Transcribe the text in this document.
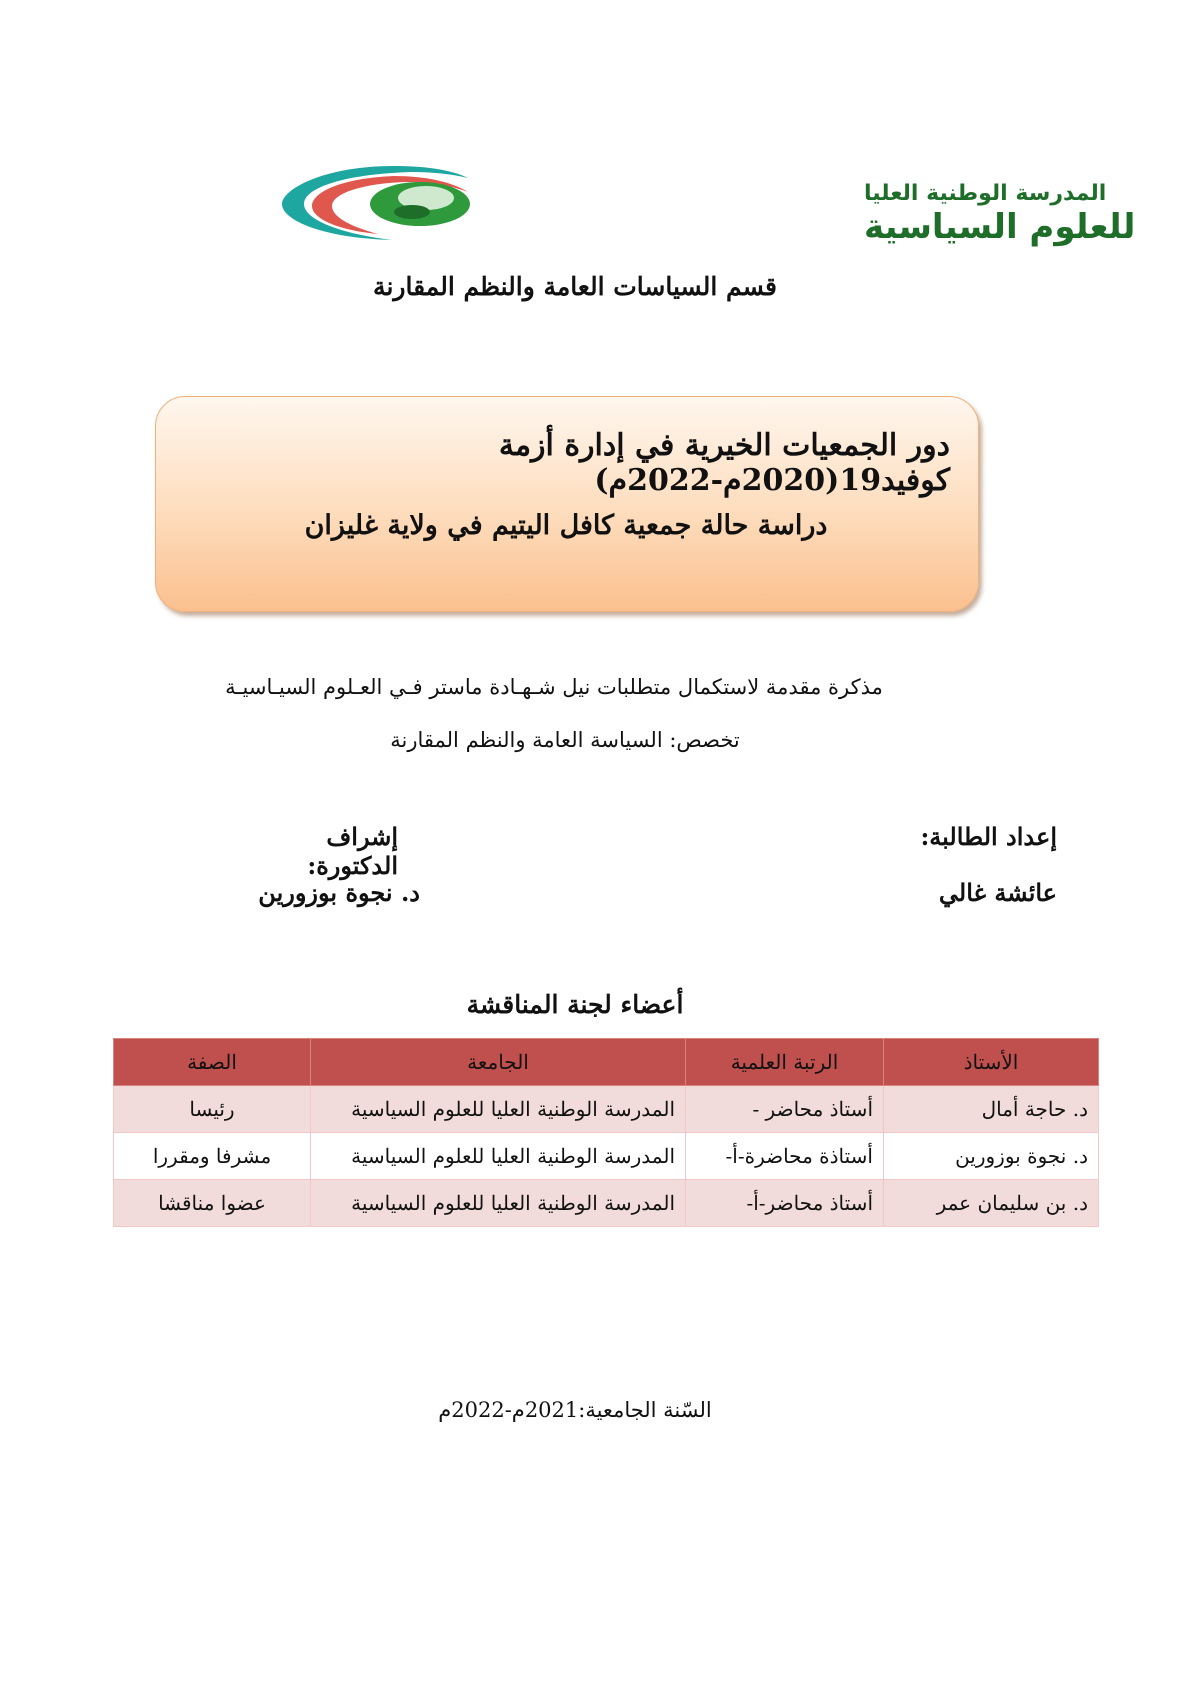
المدرسة الوطنية العليا
للعلوم السياسية
قسم السياسات العامة والنظم المقارنة
دور الجمعيات الخيرية في إدارة أزمة كوفيد19(2020م-2022م)
دراسة حالة جمعية كافل اليتيم في ولاية غليزان
مذكرة مقدمة لاستكمال متطلبات نيل شـهـادة ماستر فـي العـلوم السيـاسيـة
تخصص: السياسة العامة والنظم المقارنة
إعداد الطالبة:
عائشة غالي
إشراف الدكتورة:
د. نجوة بوزورين
أعضاء لجنة المناقشة
الأستاذ	الرتبة العلمية	الجامعة	الصفة
د. حاجة أمال	أستاذ محاضر -	المدرسة الوطنية العليا للعلوم السياسية	رئيسا
د. نجوة بوزورين	أستاذة محاضرة-أ-	المدرسة الوطنية العليا للعلوم السياسية	مشرفا ومقررا
د. بن سليمان عمر	أستاذ محاضر-أ-	المدرسة الوطنية العليا للعلوم السياسية	عضوا مناقشا
السّنة الجامعية:2021م-2022م
